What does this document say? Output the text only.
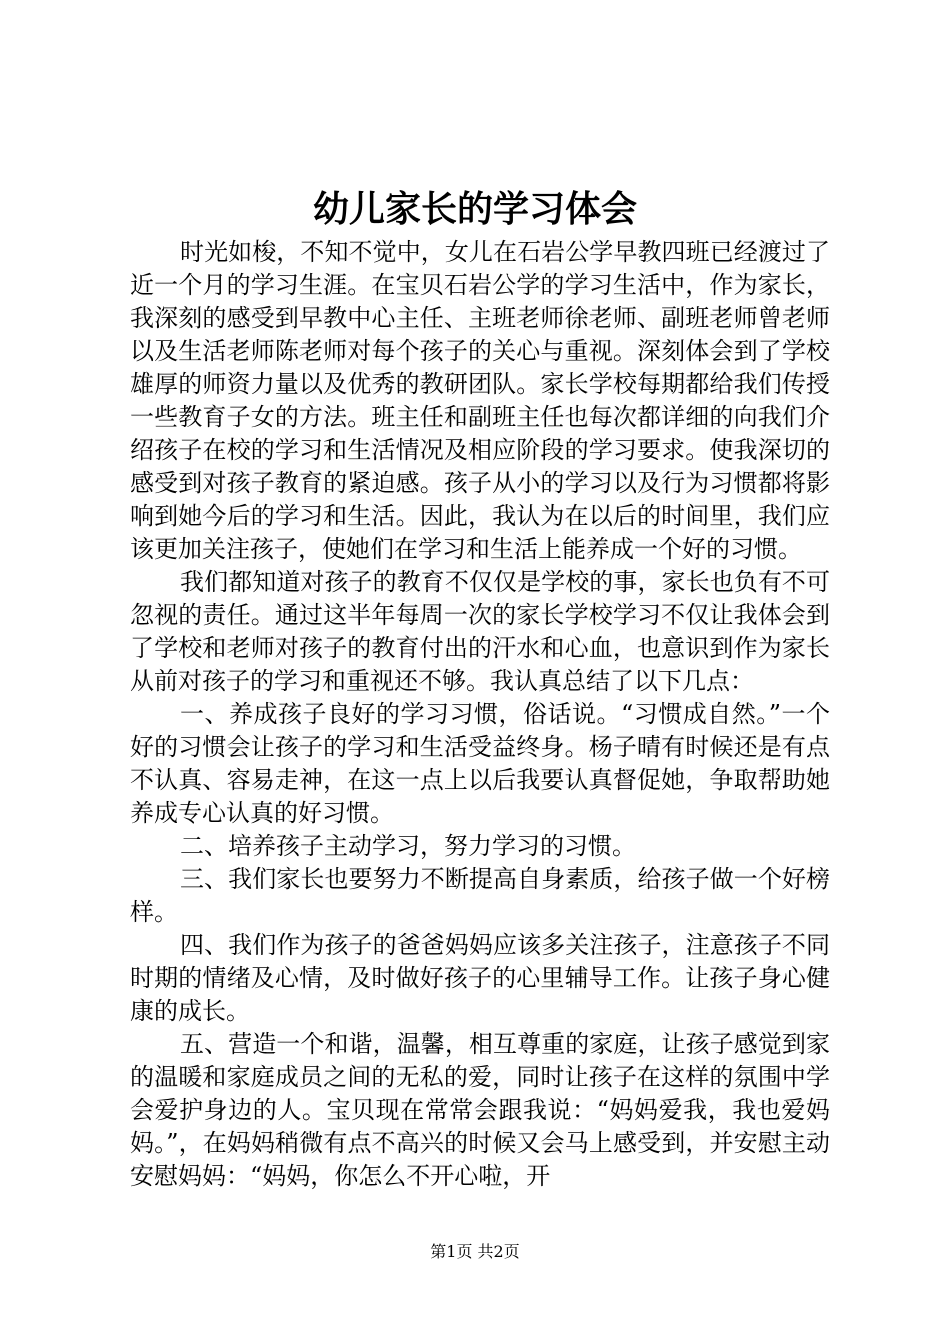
幼儿家长的学习体会

时光如梭，不知不觉中，女儿在石岩公学早教四班已经渡过了近一个月的学习生涯。在宝贝石岩公学的学习生活中，作为家长，我深刻的感受到早教中心主任、主班老师徐老师、副班老师曾老师以及生活老师陈老师对每个孩子的关心与重视。深刻体会到了学校雄厚的师资力量以及优秀的教研团队。家长学校每期都给我们传授一些教育子女的方法。班主任和副班主任也每次都详细的向我们介绍孩子在校的学习和生活情况及相应阶段的学习要求。使我深切的感受到对孩子教育的紧迫感。孩子从小的学习以及行为习惯都将影响到她今后的学习和生活。因此，我认为在以后的时间里，我们应该更加关注孩子，使她们在学习和生活上能养成一个好的习惯。

我们都知道对孩子的教育不仅仅是学校的事，家长也负有不可忽视的责任。通过这半年每周一次的家长学校学习不仅让我体会到了学校和老师对孩子的教育付出的汗水和心血，也意识到作为家长从前对孩子的学习和重视还不够。我认真总结了以下几点：

一、养成孩子良好的学习习惯，俗话说。“习惯成自然。”一个好的习惯会让孩子的学习和生活受益终身。杨子晴有时候还是有点不认真、容易走神，在这一点上以后我要认真督促她，争取帮助她养成专心认真的好习惯。

二、培养孩子主动学习，努力学习的习惯。

三、我们家长也要努力不断提高自身素质，给孩子做一个好榜样。

四、我们作为孩子的爸爸妈妈应该多关注孩子，注意孩子不同时期的情绪及心情，及时做好孩子的心里辅导工作。让孩子身心健康的成长。

五、营造一个和谐，温馨，相互尊重的家庭，让孩子感觉到家的温暖和家庭成员之间的无私的爱，同时让孩子在这样的氛围中学会爱护身边的人。宝贝现在常常会跟我说：“妈妈爱我，我也爱妈妈。”，在妈妈稍微有点不高兴的时候又会马上感受到，并安慰主动安慰妈妈：“妈妈，你怎么不开心啦，开

第1页 共2页
